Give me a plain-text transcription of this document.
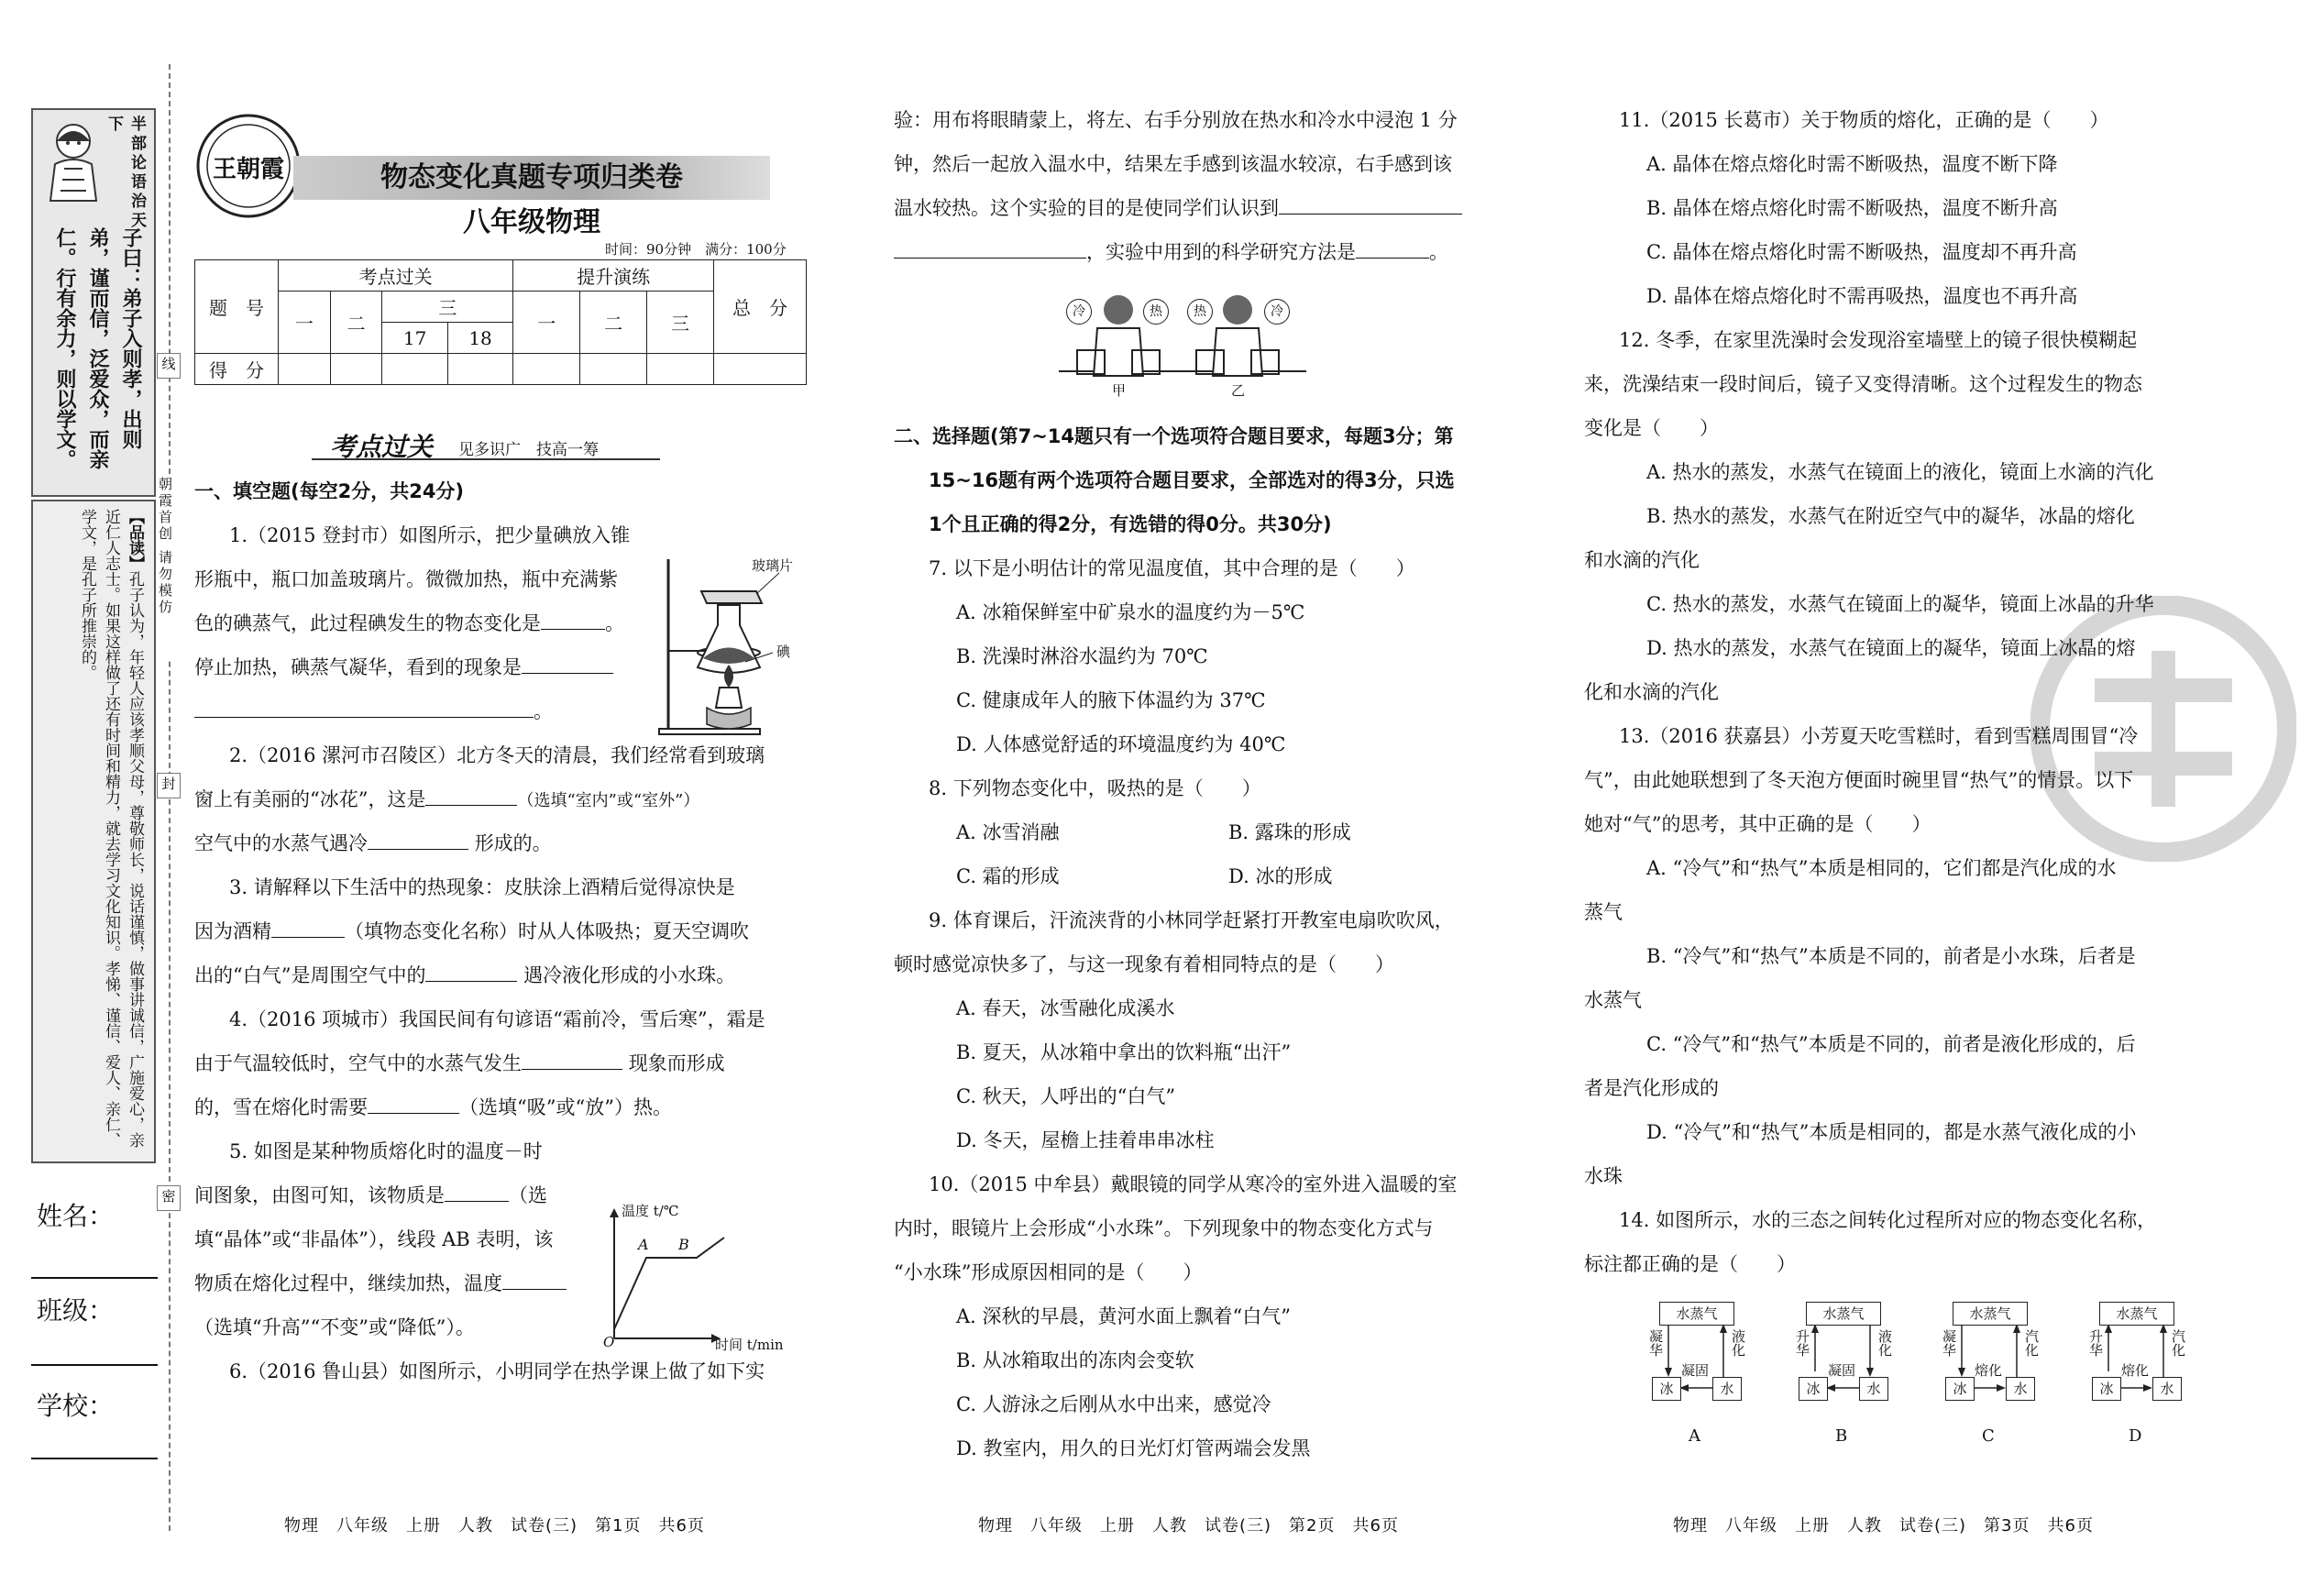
半部论语治天下
子曰：弟子入则孝，出则弟，谨而信，泛爱众，而亲仁。行有余力，则以学文。
【品读】孔子认为，年轻人应该孝顺父母，尊敬师长，说话谨慎，做事讲诚信，广施爱心，亲近仁人志士。如果这样做了还有时间和精力，就去学习文化知识。孝悌、谨信、爱人、亲仁、学文，是孔子所推崇的。
姓名：
班级：
学校：
线
朝霞首创 请勿模仿
封
密
王朝霞	物态变化真题专项归类卷
八年级物理
时间：90分钟　满分：100分
题　号	考点过关				提升演练			总　分
	一	二	三		一	二	三	
			17	18				
得　分								
考点过关 见多识广　技高一筹
一、填空题(每空2分，共24分)
1.（2015 登封市）如图所示，把少量碘放入锥
形瓶中，瓶口加盖玻璃片。微微加热，瓶中充满紫
色的碘蒸气，此过程碘发生的物态变化是	。
停止加热，碘蒸气凝华，看到的现象是
。
2.（2016 漯河市召陵区）北方冬天的清晨，我们经常看到玻璃
窗上有美丽的“冰花”，这是	（选填“室内”或“室外”）
空气中的水蒸气遇冷	形成的。
3. 请解释以下生活中的热现象：皮肤涂上酒精后觉得凉快是
因为酒精	（填物态变化名称）时从人体吸热；夏天空调吹
出的“白气”是周围空气中的	遇冷液化形成的小水珠。
4.（2016 项城市）我国民间有句谚语“霜前冷，雪后寒”，霜是
由于气温较低时，空气中的水蒸气发生	现象而形成
的，雪在熔化时需要	（选填“吸”或“放”）热。
5. 如图是某种物质熔化时的温度－时
间图象，由图可知，该物质是	（选
填“晶体”或“非晶体”），线段 AB 表明，该
物质在熔化过程中，继续加热，温度
（选填“升高”“不变”或“降低”）。
6.（2016 鲁山县）如图所示，小明同学在热学课上做了如下实
玻璃片
碘
温度 t/℃
时间 t/min
O
A B
物理　八年级　上册　人教　试卷(三)　第1页　共6页
验：用布将眼睛蒙上，将左、右手分别放在热水和冷水中浸泡 1 分
钟，然后一起放入温水中，结果左手感到该温水较凉，右手感到该
温水较热。这个实验的目的是使同学们认识到
，实验中用到的科学研究方法是	。
冷	热	热	冷
甲	乙
二、选择题(第7~14题只有一个选项符合题目要求，每题3分；第
15~16题有两个选项符合题目要求，全部选对的得3分，只选
1个且正确的得2分，有选错的得0分。共30分)
7. 以下是小明估计的常见温度值，其中合理的是（　　）
A. 冰箱保鲜室中矿泉水的温度约为－5℃
B. 洗澡时淋浴水温约为 70℃
C. 健康成年人的腋下体温约为 37℃
D. 人体感觉舒适的环境温度约为 40℃
8. 下列物态变化中，吸热的是（　　）
A. 冰雪消融	B. 露珠的形成
C. 霜的形成	D. 冰的形成
9. 体育课后，汗流浃背的小林同学赶紧打开教室电扇吹吹风，
顿时感觉凉快多了，与这一现象有着相同特点的是（　　）
A. 春天，冰雪融化成溪水
B. 夏天，从冰箱中拿出的饮料瓶“出汗”
C. 秋天，人呼出的“白气”
D. 冬天，屋檐上挂着串串冰柱
10.（2015 中牟县）戴眼镜的同学从寒冷的室外进入温暖的室
内时，眼镜片上会形成“小水珠”。下列现象中的物态变化方式与
“小水珠”形成原因相同的是（　　）
A. 深秋的早晨，黄河水面上飘着“白气”
B. 从冰箱取出的冻肉会变软
C. 人游泳之后刚从水中出来，感觉冷
D. 教室内，用久的日光灯灯管两端会发黑
物理　八年级　上册　人教　试卷(三)　第2页　共6页
11.（2015 长葛市）关于物质的熔化，正确的是（　　）
A. 晶体在熔点熔化时需不断吸热，温度不断下降
B. 晶体在熔点熔化时需不断吸热，温度不断升高
C. 晶体在熔点熔化时需不断吸热，温度却不再升高
D. 晶体在熔点熔化时不需再吸热，温度也不再升高
12. 冬季，在家里洗澡时会发现浴室墙壁上的镜子很快模糊起
来，洗澡结束一段时间后，镜子又变得清晰。这个过程发生的物态
变化是（　　）
A. 热水的蒸发，水蒸气在镜面上的液化，镜面上水滴的汽化
B. 热水的蒸发，水蒸气在附近空气中的凝华，冰晶的熔化
和水滴的汽化
C. 热水的蒸发，水蒸气在镜面上的凝华，镜面上冰晶的升华
D. 热水的蒸发，水蒸气在镜面上的凝华，镜面上冰晶的熔
化和水滴的汽化
13.（2016 获嘉县）小芳夏天吃雪糕时，看到雪糕周围冒“冷
气”，由此她联想到了冬天泡方便面时碗里冒“热气”的情景。以下
她对“气”的思考，其中正确的是（　　）
A. “冷气”和“热气”本质是相同的，它们都是汽化成的水
蒸气
B. “冷气”和“热气”本质是不同的，前者是小水珠，后者是
水蒸气
C. “冷气”和“热气”本质是不同的，前者是液化形成的，后
者是汽化形成的
D. “冷气”和“热气”本质是相同的，都是水蒸气液化成的小
水珠
14. 如图所示，水的三态之间转化过程所对应的物态变化名称，
标注都正确的是（　　）
水蒸气
冰	水
凝华	液化
凝固
A
水蒸气
冰	水
升华	液化
凝固
B
水蒸气
冰	水
凝华	汽化
熔化
C
水蒸气
冰	水
升华	汽化
熔化
D
物理　八年级　上册　人教　试卷(三)　第3页　共6页
